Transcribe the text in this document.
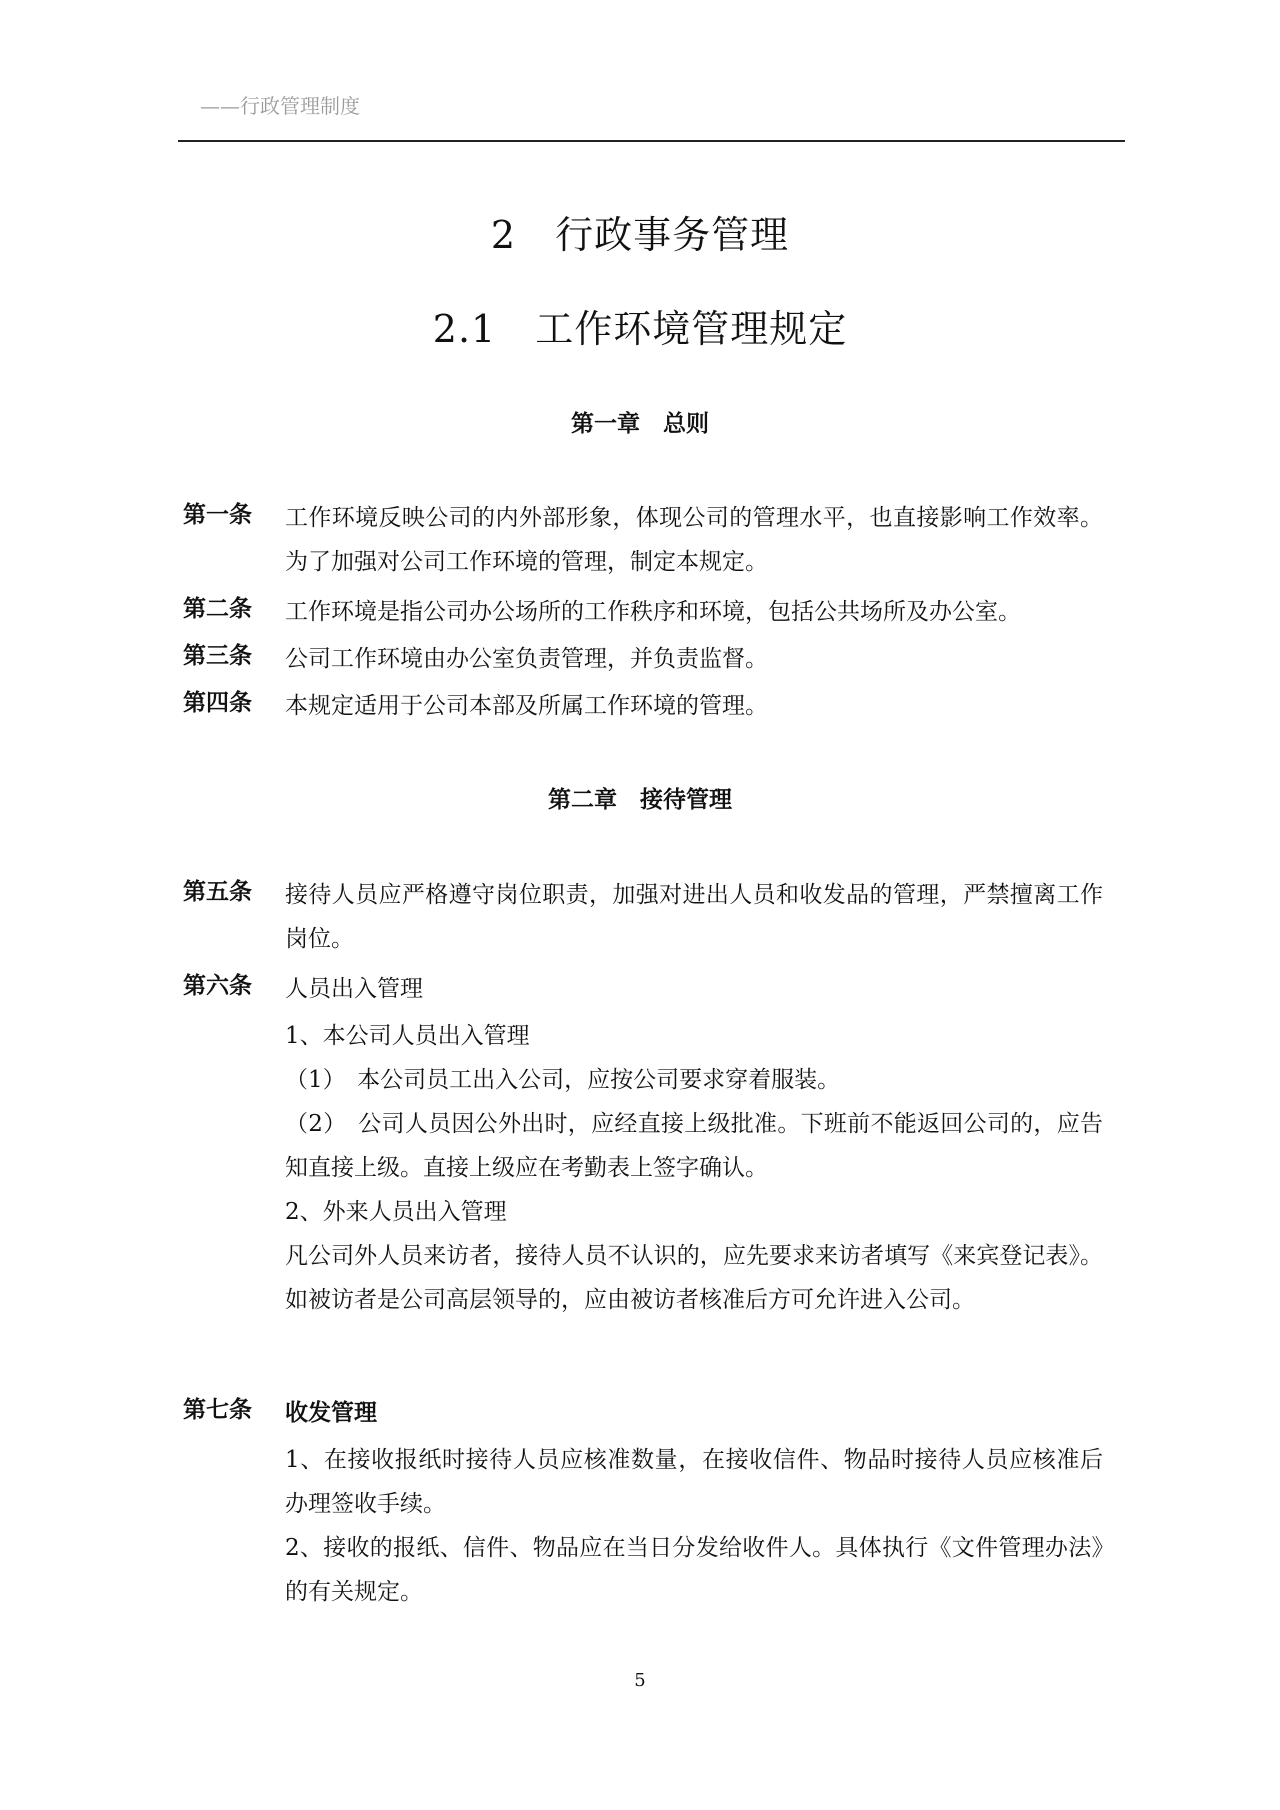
——行政管理制度
2　行政事务管理
2.1　工作环境管理规定
第一章　总则
第一条 工作环境反映公司的内外部形象，体现公司的管理水平，也直接影响工作效率。为了加强对公司工作环境的管理，制定本规定。
第二条 工作环境是指公司办公场所的工作秩序和环境，包括公共场所及办公室。
第三条 公司工作环境由办公室负责管理，并负责监督。
第四条 本规定适用于公司本部及所属工作环境的管理。
第二章　接待管理
第五条 接待人员应严格遵守岗位职责，加强对进出人员和收发品的管理，严禁擅离工作岗位。
第六条 人员出入管理
1、本公司人员出入管理
（1）　本公司员工出入公司，应按公司要求穿着服装。
（2）　公司人员因公外出时，应经直接上级批准。下班前不能返回公司的，应告知直接上级。直接上级应在考勤表上签字确认。
2、外来人员出入管理
凡公司外人员来访者，接待人员不认识的，应先要求来访者填写《来宾登记表》。如被访者是公司高层领导的，应由被访者核准后方可允许进入公司。
第七条 收发管理
1、在接收报纸时接待人员应核准数量，在接收信件、物品时接待人员应核准后办理签收手续。
2、接收的报纸、信件、物品应在当日分发给收件人。具体执行《文件管理办法》的有关规定。
5
